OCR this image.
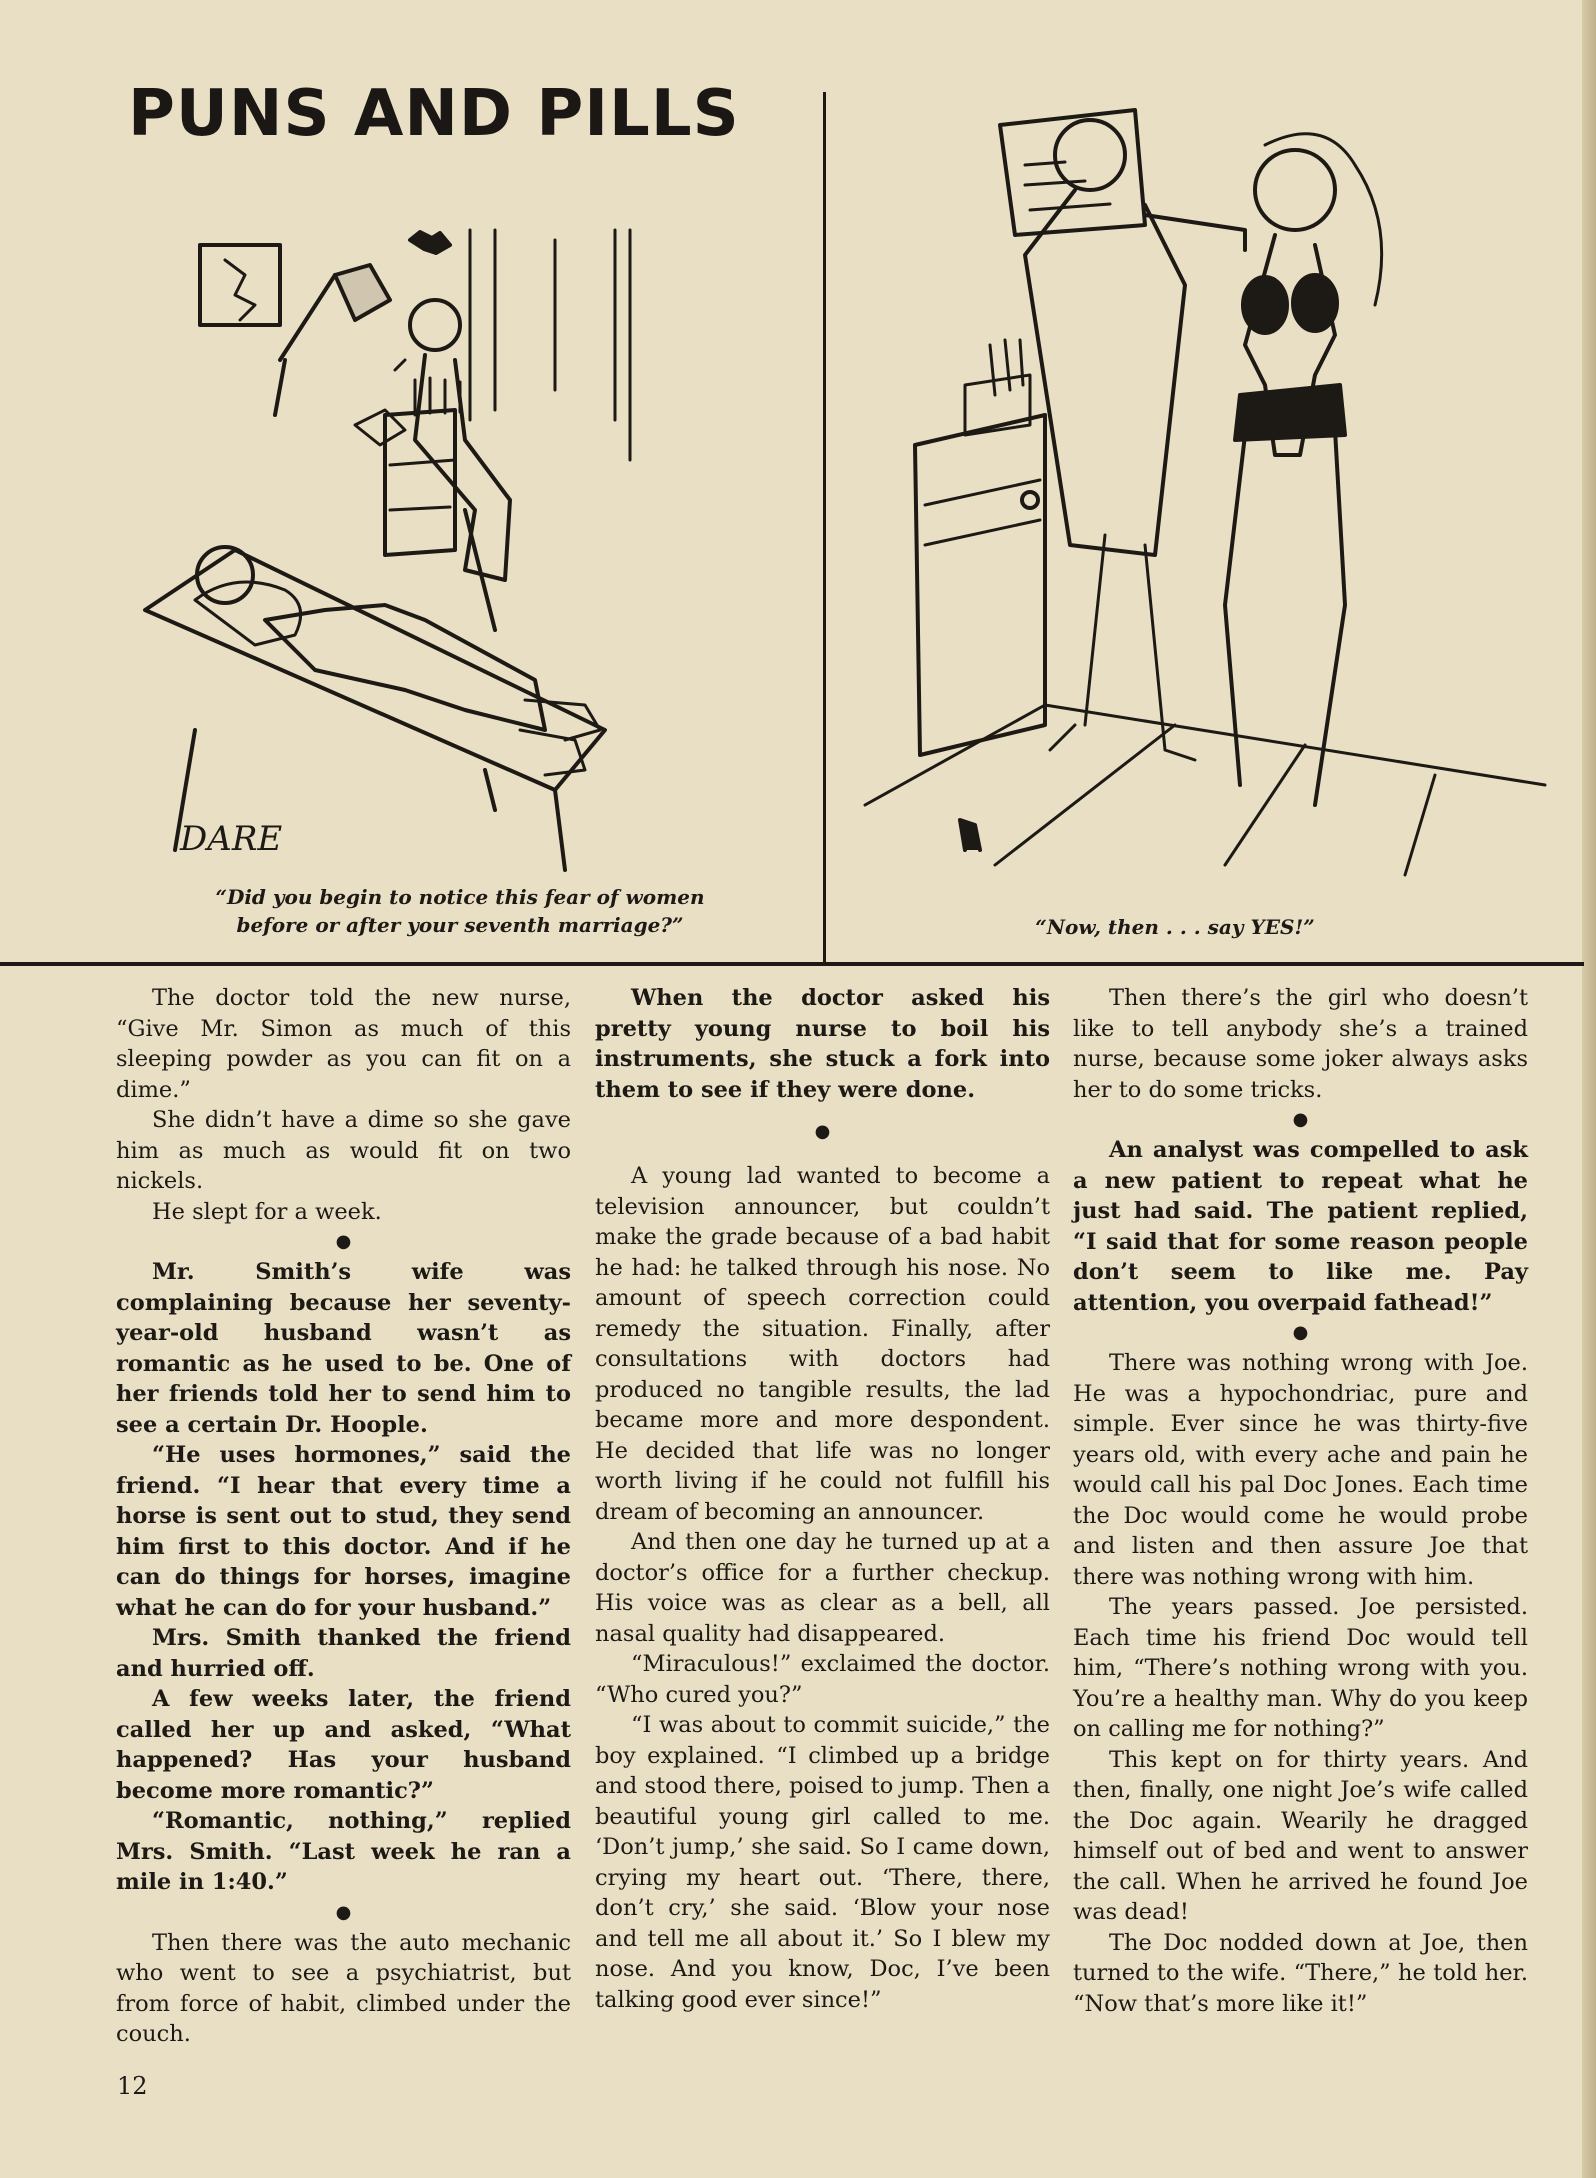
PUNS AND PILLS
DARE
“Did you begin to notice this fear of women
before or after your seventh marriage?”	“Now, then . . . say YES!”

The doctor told the new nurse, “Give Mr. Simon as much of this sleeping powder as you can fit on a dime.”

She didn’t have a dime so she gave him as much as would fit on two nickels.

He slept for a week.

●

Mr. Smith’s wife was complaining because her seventy-year-old husband wasn’t as romantic as he used to be. One of her friends told her to send him to see a certain Dr. Hoople.

“He uses hormones,” said the friend. “I hear that every time a horse is sent out to stud, they send him first to this doctor. And if he can do things for horses, imagine what he can do for your husband.”

Mrs. Smith thanked the friend and hurried off.

A few weeks later, the friend called her up and asked, “What happened? Has your husband become more romantic?”

“Romantic, nothing,” replied Mrs. Smith. “Last week he ran a mile in 1:40.”

●

Then there was the auto mechanic who went to see a psychiatrist, but from force of habit, climbed under the couch.

When the doctor asked his pretty young nurse to boil his instruments, she stuck a fork into them to see if they were done.

●

A young lad wanted to become a television announcer, but couldn’t make the grade because of a bad habit he had: he talked through his nose. No amount of speech correction could remedy the situation. Finally, after consultations with doctors had produced no tangible results, the lad became more and more despondent. He decided that life was no longer worth living if he could not fulfill his dream of becoming an announcer.

And then one day he turned up at a doctor’s office for a further checkup. His voice was as clear as a bell, all nasal quality had disappeared.

“Miraculous!” exclaimed the doctor. “Who cured you?”

“I was about to commit suicide,” the boy explained. “I climbed up a bridge and stood there, poised to jump. Then a beautiful young girl called to me. ‘Don’t jump,’ she said. So I came down, crying my heart out. ‘There, there, don’t cry,’ she said. ‘Blow your nose and tell me all about it.’ So I blew my nose. And you know, Doc, I’ve been talking good ever since!”

Then there’s the girl who doesn’t like to tell anybody she’s a trained nurse, because some joker always asks her to do some tricks.

●

An analyst was compelled to ask a new patient to repeat what he just had said. The patient replied, “I said that for some reason people don’t seem to like me. Pay attention, you overpaid fathead!”

●

There was nothing wrong with Joe. He was a hypochondriac, pure and simple. Ever since he was thirty-five years old, with every ache and pain he would call his pal Doc Jones. Each time the Doc would come he would probe and listen and then assure Joe that there was nothing wrong with him.

The years passed. Joe persisted. Each time his friend Doc would tell him, “There’s nothing wrong with you. You’re a healthy man. Why do you keep on calling me for nothing?”

This kept on for thirty years. And then, finally, one night Joe’s wife called the Doc again. Wearily he dragged himself out of bed and went to answer the call. When he arrived he found Joe was dead!

The Doc nodded down at Joe, then turned to the wife. “There,” he told her. “Now that’s more like it!”

12
